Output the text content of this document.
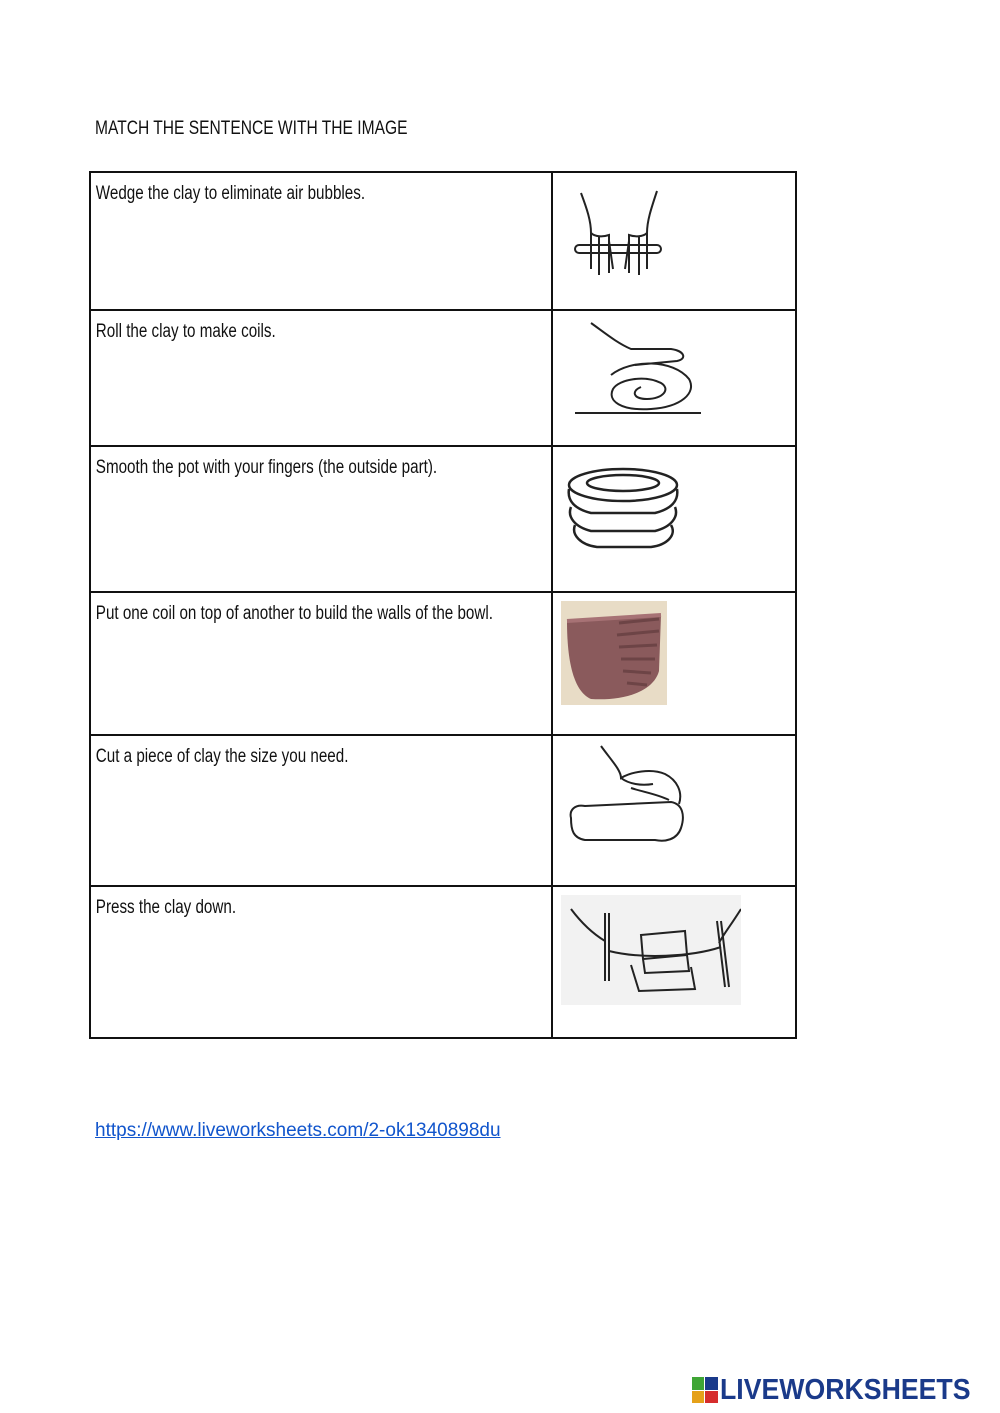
MATCH THE SENTENCE WITH THE IMAGE
Wedge the clay to eliminate air bubbles.

Roll the clay to make coils.

Smooth the pot with your fingers (the outside part).

Put one coil on top of another to build the walls of the bowl.

Cut a piece of clay the size you need.

Press the clay down.

https://www.liveworksheets.com/2-ok1340898du
LIVEWORKSHEETS
